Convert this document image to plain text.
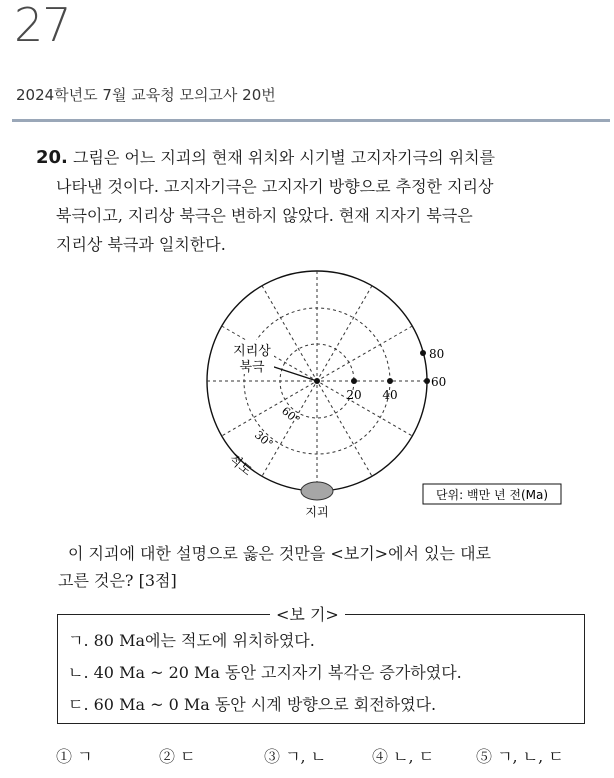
27
2024학년도 7월 교육청 모의고사 20번
20. 그림은 어느 지괴의 현재 위치와 시기별 고지자기극의 위치를
나타낸 것이다. 고지자기극은 고지자기 방향으로 추정한 지리상
북극이고, 지리상 북극은 변하지 않았다. 현재 지자기 북극은
지리상 북극과 일치한다.
지리상
북극
20 40
60
80
60°
30°
적도
지괴
단위: 백만 년 전(Ma)
이 지괴에 대한 설명으로 옳은 것만을 <보기>에서 있는 대로
고른 것은? [3점]
<보 기>
ㄱ. 80 Ma에는 적도에 위치하였다.
ㄴ. 40 Ma ~ 20 Ma 동안 고지자기 복각은 증가하였다.
ㄷ. 60 Ma ~ 0 Ma 동안 시계 방향으로 회전하였다.
① ㄱ	② ㄷ	③ ㄱ, ㄴ	④ ㄴ, ㄷ	⑤ ㄱ, ㄴ, ㄷ
